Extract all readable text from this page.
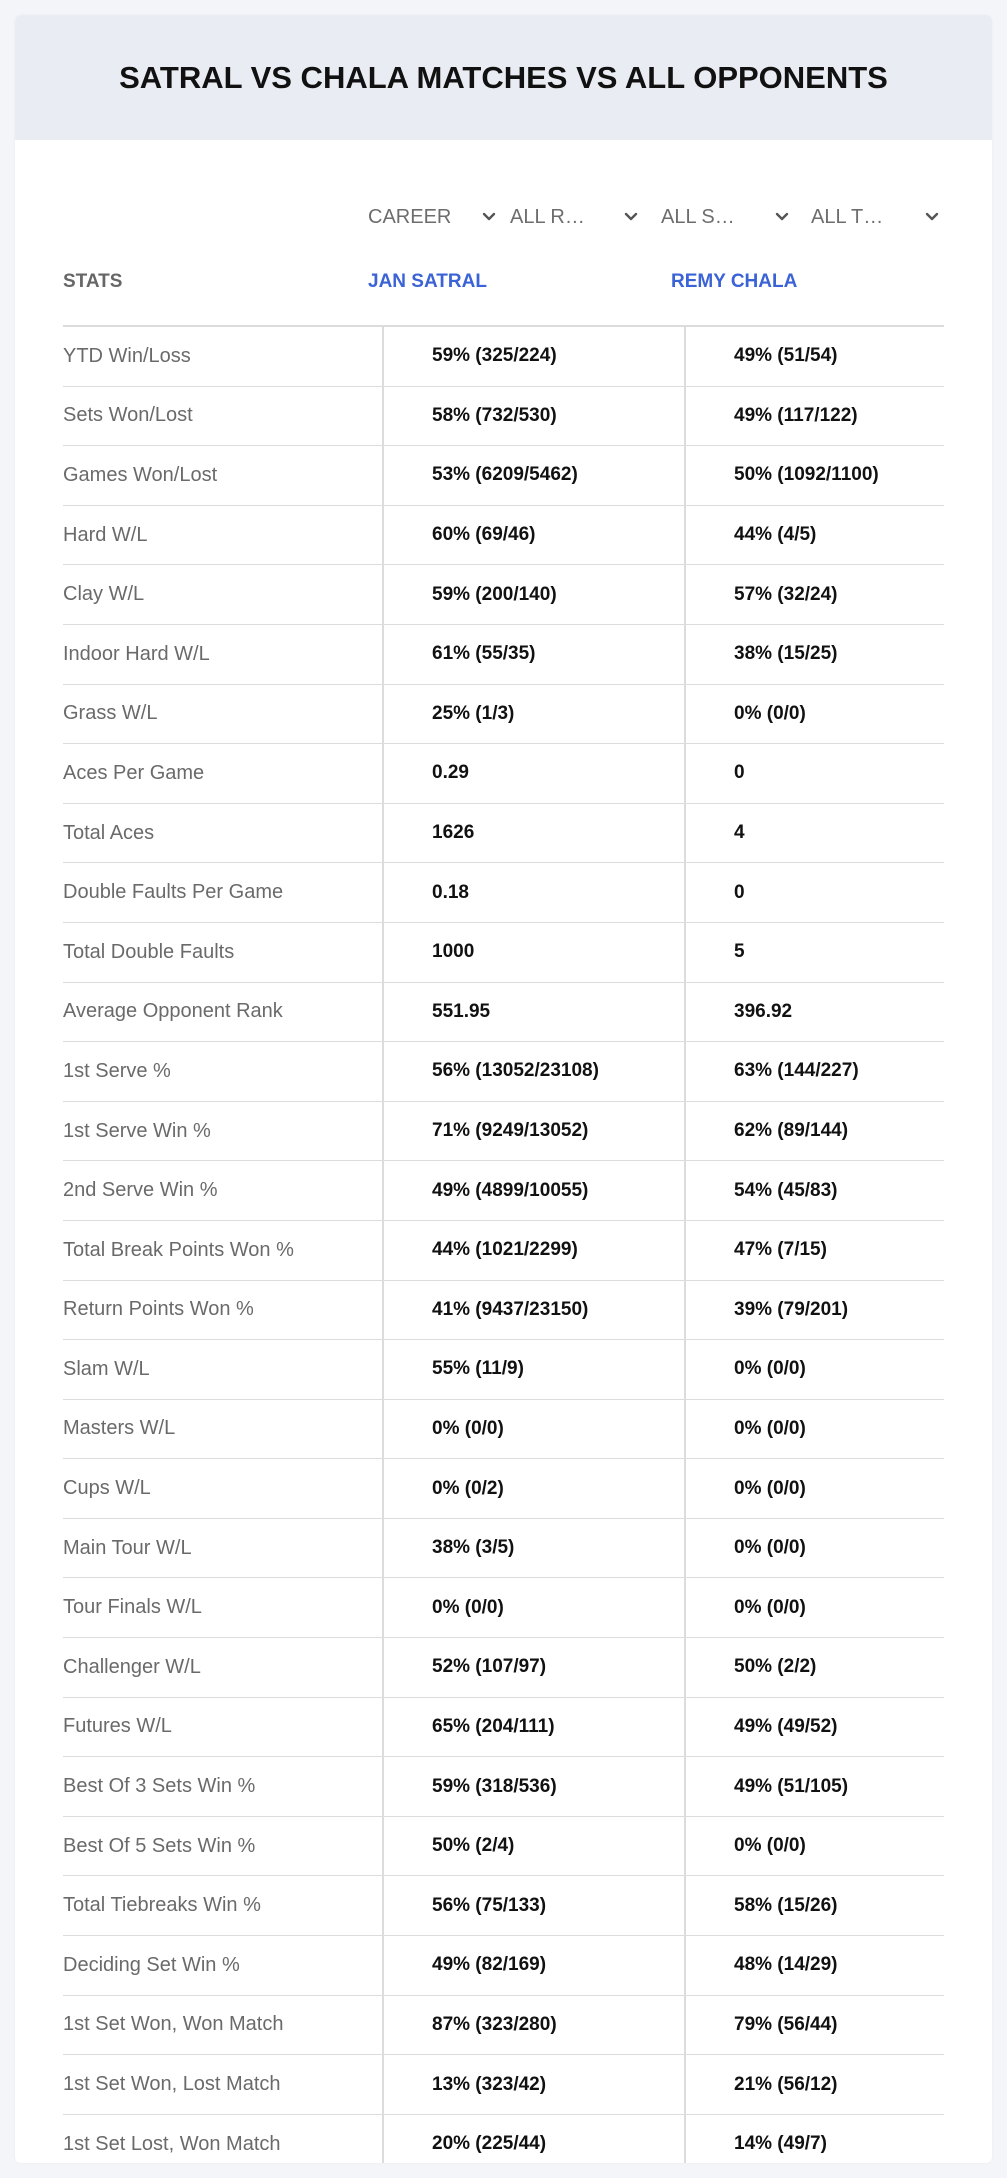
SATRAL VS CHALA MATCHES VS ALL OPPONENTS
CAREER	ALL R…	ALL S…	ALL T…
STATS	JAN SATRAL	REMY CHALA
YTD Win/Loss	59% (325/224)	49% (51/54)
Sets Won/Lost	58% (732/530)	49% (117/122)
Games Won/Lost	53% (6209/5462)	50% (1092/1100)
Hard W/L	60% (69/46)	44% (4/5)
Clay W/L	59% (200/140)	57% (32/24)
Indoor Hard W/L	61% (55/35)	38% (15/25)
Grass W/L	25% (1/3)	0% (0/0)
Aces Per Game	0.29	0
Total Aces	1626	4
Double Faults Per Game	0.18	0
Total Double Faults	1000	5
Average Opponent Rank	551.95	396.92
1st Serve %	56% (13052/23108)	63% (144/227)
1st Serve Win %	71% (9249/13052)	62% (89/144)
2nd Serve Win %	49% (4899/10055)	54% (45/83)
Total Break Points Won %	44% (1021/2299)	47% (7/15)
Return Points Won %	41% (9437/23150)	39% (79/201)
Slam W/L	55% (11/9)	0% (0/0)
Masters W/L	0% (0/0)	0% (0/0)
Cups W/L	0% (0/2)	0% (0/0)
Main Tour W/L	38% (3/5)	0% (0/0)
Tour Finals W/L	0% (0/0)	0% (0/0)
Challenger W/L	52% (107/97)	50% (2/2)
Futures W/L	65% (204/111)	49% (49/52)
Best Of 3 Sets Win %	59% (318/536)	49% (51/105)
Best Of 5 Sets Win %	50% (2/4)	0% (0/0)
Total Tiebreaks Win %	56% (75/133)	58% (15/26)
Deciding Set Win %	49% (82/169)	48% (14/29)
1st Set Won, Won Match	87% (323/280)	79% (56/44)
1st Set Won, Lost Match	13% (323/42)	21% (56/12)
1st Set Lost, Won Match	20% (225/44)	14% (49/7)
